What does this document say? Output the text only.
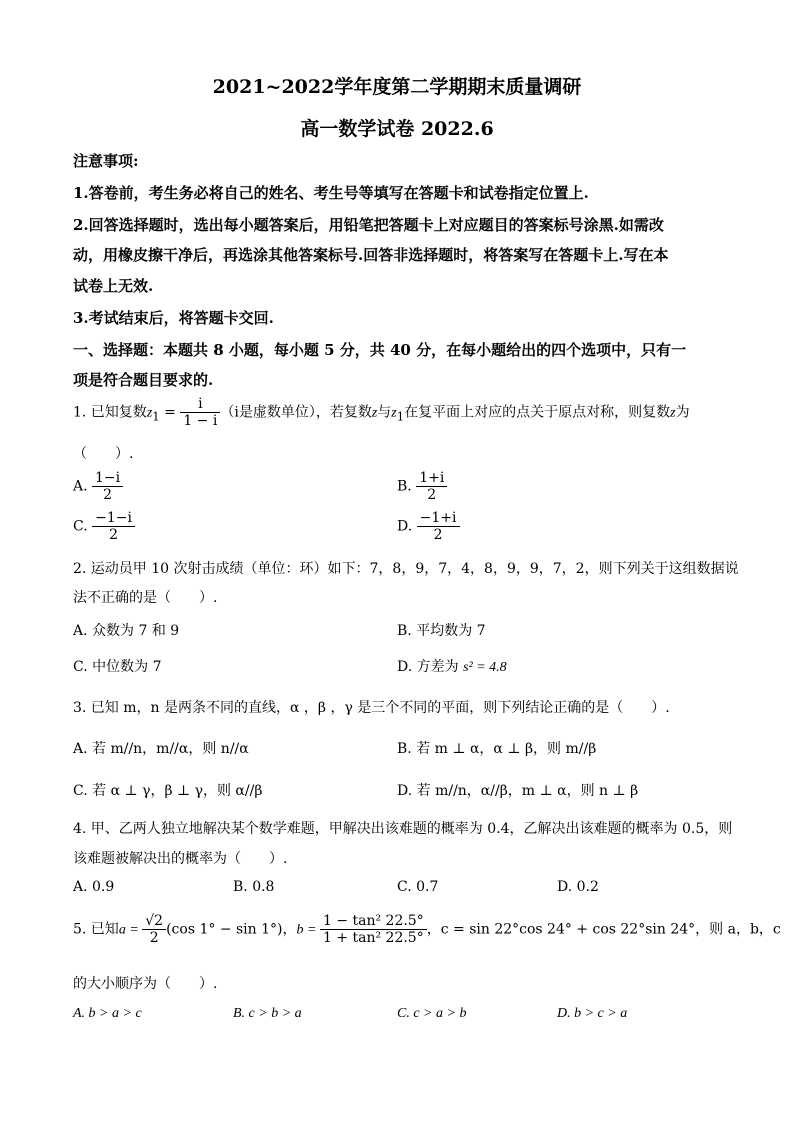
2021~2022学年度第二学期期末质量调研
高一数学试卷 2022.6
注意事项:
1.答卷前，考生务必将自己的姓名、考生号等填写在答题卡和试卷指定位置上.
2.回答选择题时，选出每小题答案后，用铅笔把答题卡上对应题目的答案标号涂黑.如需改
动，用橡皮擦干净后，再选涂其他答案标号.回答非选择题时，将答案写在答题卡上.写在本
试卷上无效.
3.考试结束后，将答题卡交回.
一、选择题：本题共 8 小题，每小题 5 分，共 40 分，在每小题给出的四个选项中，只有一
项是符合题目要求的.
1. 已知复数$z_1 = \frac{i}{1 - i} (i$是虚数单位），若复数z与$z_1$在复平面上对应的点关于原点对称，则复数z为
（　　）.
A. $\frac{1-i}{2}$	B. $\frac{1+i}{2}$
C. $\frac{-1-i}{2}$	D. $\frac{-1+i}{2}$
2. 运动员甲 10 次射击成绩（单位：环）如下：7，8，9，7，4，8，9，9，7，2，则下列关于这组数据说
法不正确的是（　　）.
A. 众数为 7 和 9	B. 平均数为 7
C. 中位数为 7	D. 方差为 s² = 4.8
3. 已知 m，n 是两条不同的直线，α ，β ，γ 是三个不同的平面，则下列结论正确的是（　　）.
A. 若 m//n，m//α，则 n//α	B. 若 m ⊥ α，α ⊥ β，则 m//β
C. 若 α ⊥ γ，β ⊥ γ，则 α//β	D. 若 m//n，α//β，m ⊥ α，则 n ⊥ β
4. 甲、乙两人独立地解决某个数学难题，甲解决出该难题的概率为 0.4，乙解决出该难题的概率为 0.5，则
该难题被解决出的概率为（　　）.
A. 0.9	B. 0.8	C. 0.7	D. 0.2
5. 已知$a = \frac{√2}{2} (\cos$ 1° − sin 1°)，$b = \frac{\text{1 − tan² 22.5°}}{\text{1 + tan² 22.5°}}$ ，c = sin 22°cos 24° + cos 22°sin 24°，则 a，b，c
的大小顺序为（　　）.
A. b > a > c	B. c > b > a	C. c > a > b	D. b > c > a
